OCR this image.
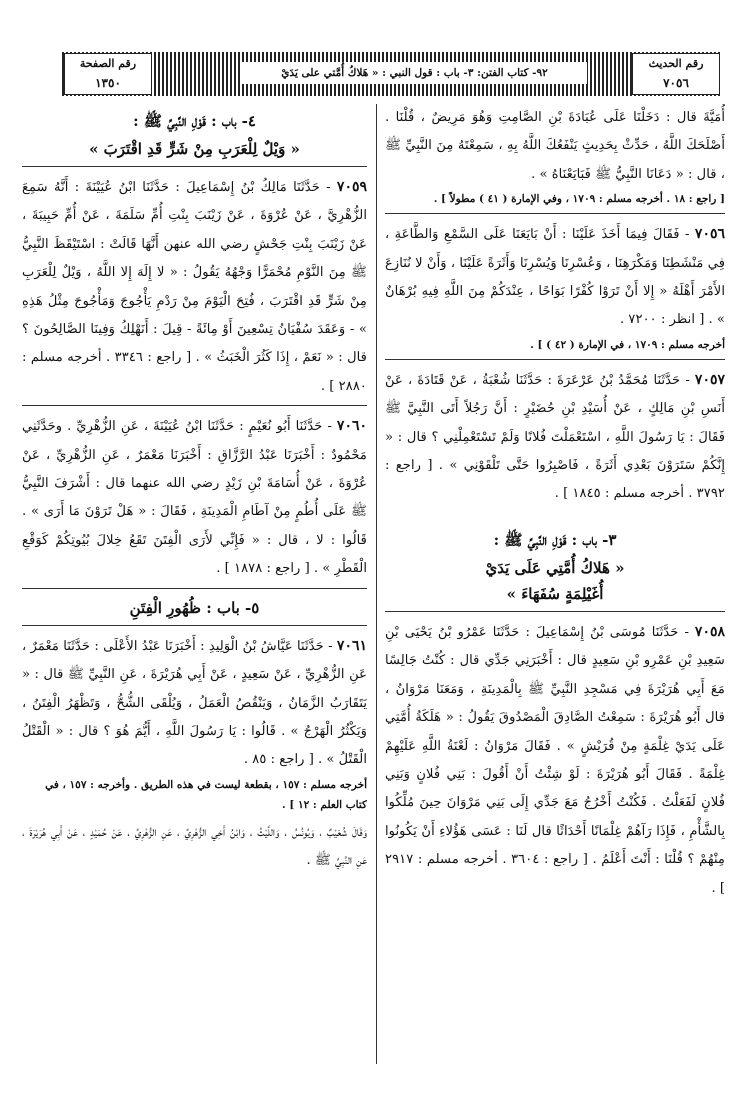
رقم الحديث
٧٠٥٦
٩٢- كتاب الفتن: ٣- باب : قول النبي : « هَلاكُ أُمَّتي على يَدَيْ
رقم الصفحة
١٣٥٠

أُمَيَّةَ قال : دَخَلْنَا عَلَى عُبَادَةَ بْنِ الصَّامِتِ وَهُوَ مَرِيضٌ ، قُلْنَا . أَصْلَحَكَ اللَّهُ ، حَدِّثْ بِحَدِيثٍ يَنْفَعُكَ اللَّهُ بِهِ ، سَمِعْتَهُ مِنَ النَّبِيِّ ﷺ ، قال : « دَعَانَا النَّبِيُّ ﷺ فَبَايَعْنَاهُ » .

[ راجع : ١٨ . أخرجه مسلم : ١٧٠٩ ، وفي الإمارة ( ٤١ ) مطولاً ] .

٧٠٥٦ - فَقَالَ فِيمَا أَخَذَ عَلَيْنَا : أَنْ بَايَعَنَا عَلَى السَّمْعِ وَالطَّاعَةِ ، فِي مَنْشَطِنَا وَمَكْرَهِنَا ، وَعُسْرِنَا وَيُسْرِنَا وَأَثَرَةً عَلَيْنَا ، وَأَنْ لا نُنَازِعَ الأَمْرَ أَهْلَهُ « إِلا أَنْ تَرَوْا كُفْرًا بَوَاحًا ، عِنْدَكُمْ مِنَ اللَّهِ فِيهِ بُرْهَانٌ » . [ انظر : ٧٢٠٠ .

أخرجه مسلم : ١٧٠٩ ، في الإمارة ( ٤٢ ) ] .

٧٠٥٧ - حَدَّثَنَا مُحَمَّدُ بْنُ عَرْعَرَةَ : حَدَّثَنَا شُعْبَةُ ، عَنْ قَتَادَةَ ، عَنْ أَنَسِ بْنِ مَالِكٍ ، عَنْ أُسَيْدِ بْنِ حُضَيْرٍ : أَنَّ رَجُلاً أَتَى النَّبِيَّ ﷺ فَقَالَ : يَا رَسُولَ اللَّهِ ، اسْتَعْمَلْتَ فُلانًا وَلَمْ تَسْتَعْمِلْنِي ؟ قال : « إِنَّكُمْ سَتَرَوْنَ بَعْدِي أَثَرَةً ، فَاصْبِرُوا حَتَّى تَلْقَوْنِي » . [ راجع : ٣٧٩٢ . أخرجه مسلم : ١٨٤٥ ] .

٣- باب : قَوْلِ النَّبِيِّ ﷺ :
« هَلاكُ أُمَّتِي عَلَى يَدَيْ
أُغَيْلِمَةٍ سُفَهَاءَ »

٧٠٥٨ - حَدَّثَنَا مُوسَى بْنُ إِسْمَاعِيلَ : حَدَّثَنَا عَمْرُو بْنُ يَحْيَى بْنِ سَعِيدِ بْنِ عَمْرِو بْنِ سَعِيدٍ قال : أَخْبَرَنِي جَدِّي قال : كُنْتُ جَالِسًا مَعَ أَبِي هُرَيْرَةَ فِي مَسْجِدِ النَّبِيِّ ﷺ بِالْمَدِينَةِ ، وَمَعَنَا مَرْوَانُ ، قال أَبُو هُرَيْرَةَ : سَمِعْتُ الصَّادِقَ الْمَصْدُوقَ يَقُولُ : « هَلَكَةُ أُمَّتِي عَلَى يَدَيْ غِلْمَةٍ مِنْ قُرَيْشٍ » . فَقَالَ مَرْوَانُ : لَعْنَةُ اللَّهِ عَلَيْهِمْ غِلْمَةً . فَقَالَ أَبُو هُرَيْرَةَ : لَوْ شِئْتُ أَنْ أَقُولَ : بَنِي فُلانٍ وَبَنِي فُلانٍ لَفَعَلْتُ . فَكُنْتُ أَخْرُجُ مَعَ جَدِّي إِلَى بَنِي مَرْوَانَ حِينَ مُلِّكُوا بِالشَّأْمِ ، فَإِذَا رَآهُمْ غِلْمَانًا أَحْدَاثًا قال لَنَا : عَسَى هَؤُلاءِ أَنْ يَكُونُوا مِنْهُمْ ؟ قُلْنَا : أَنْتَ أَعْلَمُ . [ راجع : ٣٦٠٤ . أخرجه مسلم : ٢٩١٧ ] .

٤- باب : قَوْلِ النَّبِيِّ ﷺ :
« وَيْلٌ لِلْعَرَبِ مِنْ شَرٍّ قَدِ اقْتَرَبَ »

٧٠٥٩ - حَدَّثَنَا مَالِكُ بْنُ إِسْمَاعِيلَ : حَدَّثَنَا ابْنُ عُيَيْنَةَ : أَنَّهُ سَمِعَ الزُّهْرِيَّ ، عَنْ عُرْوَةَ ، عَنْ زَيْنَبَ بِنْتِ أُمِّ سَلَمَةَ ، عَنْ أُمِّ حَبِيبَةَ ، عَنْ زَيْنَبَ بِنْتِ جَحْشٍ رضي الله عنهن أَنَّهَا قَالَتْ : اسْتَيْقَظَ النَّبِيُّ ﷺ مِنَ النَّوْمِ مُحْمَرًّا وَجْهُهُ يَقُولُ : « لا إِلَهَ إِلا اللَّهُ ، وَيْلٌ لِلْعَرَبِ مِنْ شَرٍّ قَدِ اقْتَرَبَ ، فُتِحَ الْيَوْمَ مِنْ رَدْمِ يَأْجُوجَ وَمَأْجُوجَ مِثْلُ هَذِهِ » - وَعَقَدَ سُفْيَانُ تِسْعِينَ أَوْ مِائَةً - قِيلَ : أَنَهْلِكُ وَفِينَا الصَّالِحُونَ ؟ قال : « نَعَمْ ، إِذَا كَثُرَ الْخَبَثُ » . [ راجع : ٣٣٤٦ . أخرجه مسلم : ٢٨٨٠ ] .

٧٠٦٠ - حَدَّثَنَا أَبُو نُعَيْمٍ : حَدَّثَنَا ابْنُ عُيَيْنَةَ ، عَنِ الزُّهْرِيِّ . وحَدَّثَنِي مَحْمُودٌ : أَخْبَرَنَا عَبْدُ الرَّزَّاقِ : أَخْبَرَنَا مَعْمَرٌ ، عَنِ الزُّهْرِيِّ ، عَنْ عُرْوَةَ ، عَنْ أُسَامَةَ بْنِ زَيْدٍ رضي الله عنهما قال : أَشْرَفَ النَّبِيُّ ﷺ عَلَى أُطُمٍ مِنْ آطَامِ الْمَدِينَةِ ، فَقَالَ : « هَلْ تَرَوْنَ مَا أَرَى » . قَالُوا : لا ، قال : « فَإِنِّي لأَرَى الْفِتَنَ تَقَعُ خِلالَ بُيُوتِكُمْ كَوَقْعِ الْقَطْرِ » . [ راجع : ١٨٧٨ ] .

٥- باب : ظُهُورِ الْفِتَنِ

٧٠٦١ - حَدَّثَنَا عَيَّاشُ بْنُ الْوَلِيدِ : أَخْبَرَنَا عَبْدُ الأَعْلَى : حَدَّثَنَا مَعْمَرٌ ، عَنِ الزُّهْرِيِّ ، عَنْ سَعِيدٍ ، عَنْ أَبِي هُرَيْرَةَ ، عَنِ النَّبِيِّ ﷺ قال : « يَتَقَارَبُ الزَّمَانُ ، وَيَنْقُصُ الْعَمَلُ ، وَيُلْقَى الشُّحُّ ، وَتَظْهَرُ الْفِتَنُ ، وَيَكْثُرُ الْهَرْجُ » . قَالُوا : يَا رَسُولَ اللَّهِ ، أَيُّمَ هُوَ ؟ قال : « الْقَتْلُ الْقَتْلُ » . [ راجع : ٨٥ .

أخرجه مسلم : ١٥٧ ، بقطعة ليست في هذه الطريق . وأخرجه : ١٥٧ ، في كتاب العلم : ١٢ ] .

وَقَالَ شُعَيْبٌ ، وَيُونُسُ ، وَاللَّيْثُ ، وَابْنُ أَخِي الزُّهْرِيِّ ، عَنِ الزُّهْرِيِّ ، عَنْ حُمَيْدٍ ، عَنْ أَبِي هُرَيْرَةَ ، عَنِ النَّبِيِّ ﷺ .
